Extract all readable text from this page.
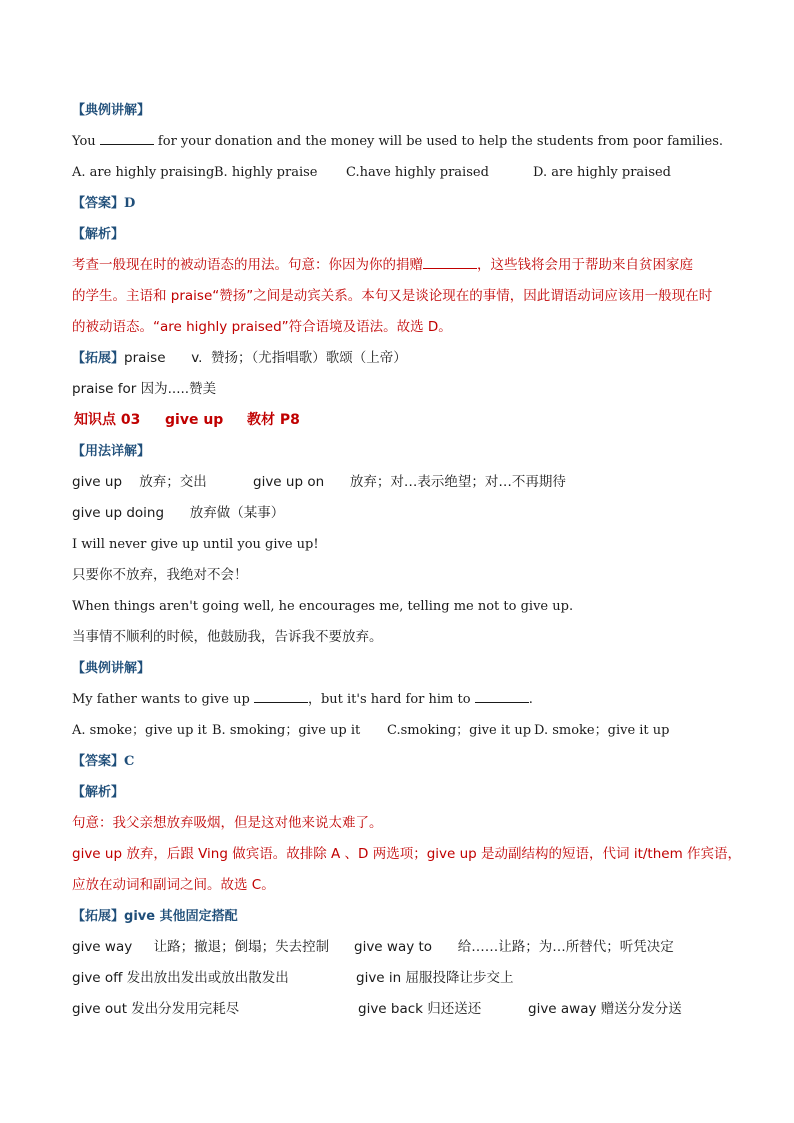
【典例讲解】
You	for your donation and the money will be used to help the students from poor families.
A. are highly praising B. highly praise C.have highly praised	D. are highly praised
【答案】D
【解析】
考查一般现在时的被动语态的用法。句意：你因为你的捐赠	，这些钱将会用于帮助来自贫困家庭
的学生。主语和 praise“赞扬”之间是动宾关系。本句又是谈论现在的事情，因此谓语动词应该用一般现在时
的被动语态。“are highly praised”符合语境及语法。故选 D。
【拓展】praise      v.  赞扬；（尤指唱歌）歌颂（上帝）
praise for 因为.....赞美
知识点 03 give up 教材 P8
【用法详解】
give up    放弃；交出	give up on      放弃；对…表示绝望；对…不再期待
give up doing      放弃做（某事）
I will never give up until you give up!
只要你不放弃，我绝对不会！
When things aren't going well, he encourages me, telling me not to give up.
当事情不顺利的时候，他鼓励我，告诉我不要放弃。
【典例讲解】
My father wants to give up	，but it's hard for him to	.
A. smoke；give up it B. smoking；give up it C.smoking；give it up D. smoke；give it up
【答案】C
【解析】
句意：我父亲想放弃吸烟，但是这对他来说太难了。
give up 放弃，后跟 Ving 做宾语。故排除 A 、D 两选项；give up 是动副结构的短语，代词 it/them 作宾语，
应放在动词和副词之间。故选 C。
【拓展】give 其他固定搭配
give way     让路；撤退；倒塌；失去控制 give way to      给……让路；为…所替代；听凭决定
give off 发出放出发出或放出散发出	give in 屈服投降让步交上
give out 发出分发用完耗尽	give back 归还送还	give away 赠送分发分送
